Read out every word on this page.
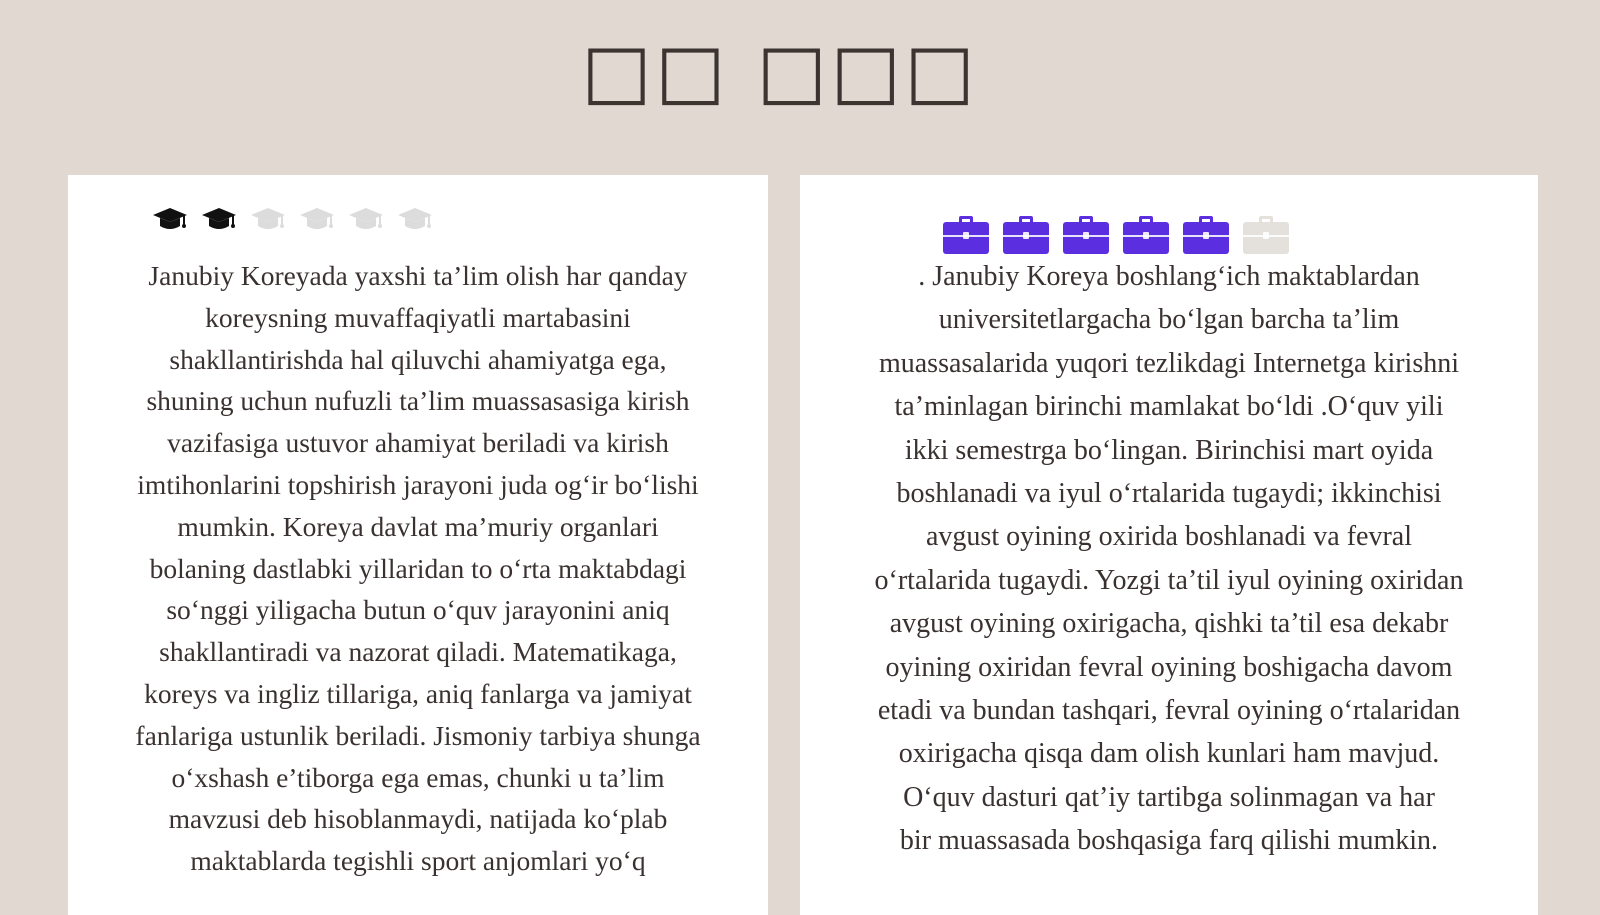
□□ □□□

Janubiy Koreyada yaxshi ta’lim olish har qanday
koreysning muvaffaqiyatli martabasini
shakllantirishda hal qiluvchi ahamiyatga ega,
shuning uchun nufuzli ta’lim muassasasiga kirish
vazifasiga ustuvor ahamiyat beriladi va kirish
imtihonlarini topshirish jarayoni juda og‘ir bo‘lishi
mumkin. Koreya davlat ma’muriy organlari
bolaning dastlabki yillaridan to o‘rta maktabdagi
so‘nggi yiligacha butun o‘quv jarayonini aniq
shakllantiradi va nazorat qiladi. Matematikaga,
koreys va ingliz tillariga, aniq fanlarga va jamiyat
fanlariga ustunlik beriladi. Jismoniy tarbiya shunga
o‘xshash e’tiborga ega emas, chunki u ta’lim
mavzusi deb hisoblanmaydi, natijada ko‘plab
maktablarda tegishli sport anjomlari yo‘q

. Janubiy Koreya boshlang‘ich maktablardan
universitetlargacha bo‘lgan barcha ta’lim
muassasalarida yuqori tezlikdagi Internetga kirishni
ta’minlagan birinchi mamlakat bo‘ldi .O‘quv yili
ikki semestrga bo‘lingan. Birinchisi mart oyida
boshlanadi va iyul o‘rtalarida tugaydi; ikkinchisi
avgust oyining oxirida boshlanadi va fevral
o‘rtalarida tugaydi. Yozgi ta’til iyul oyining oxiridan
avgust oyining oxirigacha, qishki ta’til esa dekabr
oyining oxiridan fevral oyining boshigacha davom
etadi va bundan tashqari, fevral oyining o‘rtalaridan
oxirigacha qisqa dam olish kunlari ham mavjud.
O‘quv dasturi qat’iy tartibga solinmagan va har
bir muassasada boshqasiga farq qilishi mumkin.
